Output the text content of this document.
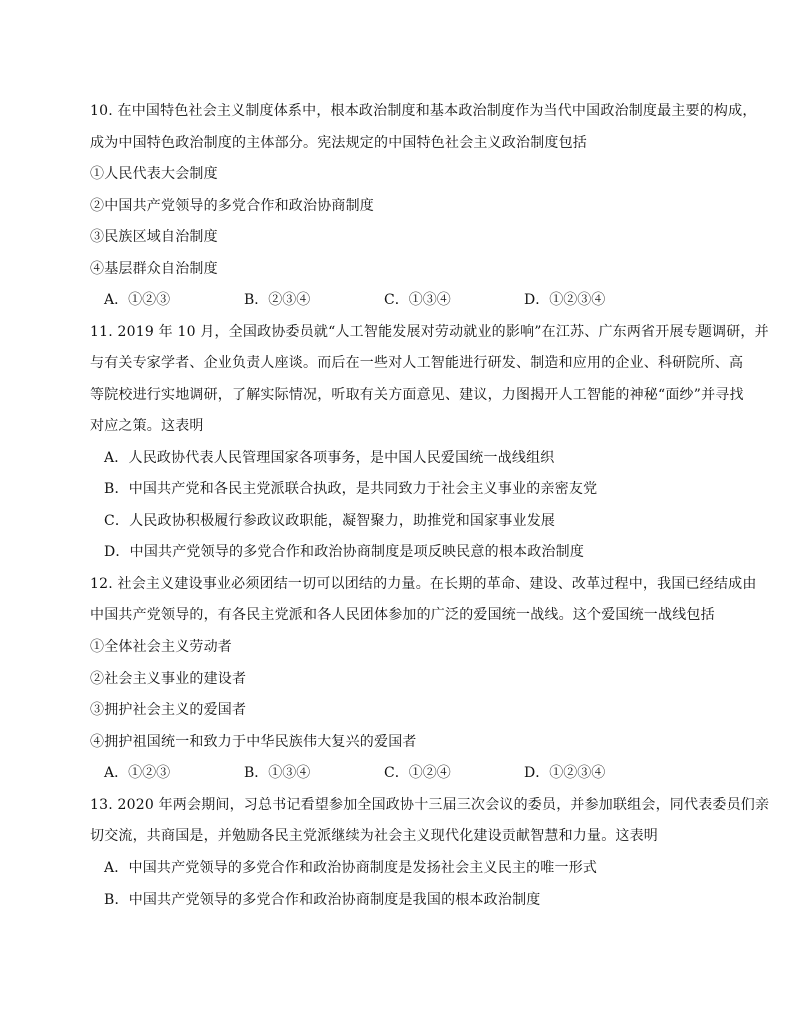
10. 在中国特色社会主义制度体系中，根本政治制度和基本政治制度作为当代中国政治制度最主要的构成，
成为中国特色政治制度的主体部分。宪法规定的中国特色社会主义政治制度包括
①人民代表大会制度
②中国共产党领导的多党合作和政治协商制度
③民族区域自治制度
④基层群众自治制度
A．①②③	B．②③④	C．①③④	D．①②③④
11. 2019 年 10 月，全国政协委员就“人工智能发展对劳动就业的影响”在江苏、广东两省开展专题调研，并
与有关专家学者、企业负责人座谈。而后在一些对人工智能进行研发、制造和应用的企业、科研院所、高
等院校进行实地调研，了解实际情况，听取有关方面意见、建议，力图揭开人工智能的神秘“面纱”并寻找
对应之策。这表明
A．人民政协代表人民管理国家各项事务，是中国人民爱国统一战线组织
B．中国共产党和各民主党派联合执政，是共同致力于社会主义事业的亲密友党
C．人民政协积极履行参政议政职能，凝智聚力，助推党和国家事业发展
D．中国共产党领导的多党合作和政治协商制度是项反映民意的根本政治制度
12. 社会主义建设事业必须团结一切可以团结的力量。在长期的革命、建设、改革过程中，我国已经结成由
中国共产党领导的，有各民主党派和各人民团体参加的广泛的爱国统一战线。这个爱国统一战线包括
①全体社会主义劳动者
②社会主义事业的建设者
③拥护社会主义的爱国者
④拥护祖国统一和致力于中华民族伟大复兴的爱国者
A．①②③	B．①③④	C．①②④	D．①②③④
13. 2020 年两会期间，习总书记看望参加全国政协十三届三次会议的委员，并参加联组会，同代表委员们亲
切交流，共商国是，并勉励各民主党派继续为社会主义现代化建设贡献智慧和力量。这表明
A．中国共产党领导的多党合作和政治协商制度是发扬社会主义民主的唯一形式
B．中国共产党领导的多党合作和政治协商制度是我国的根本政治制度
